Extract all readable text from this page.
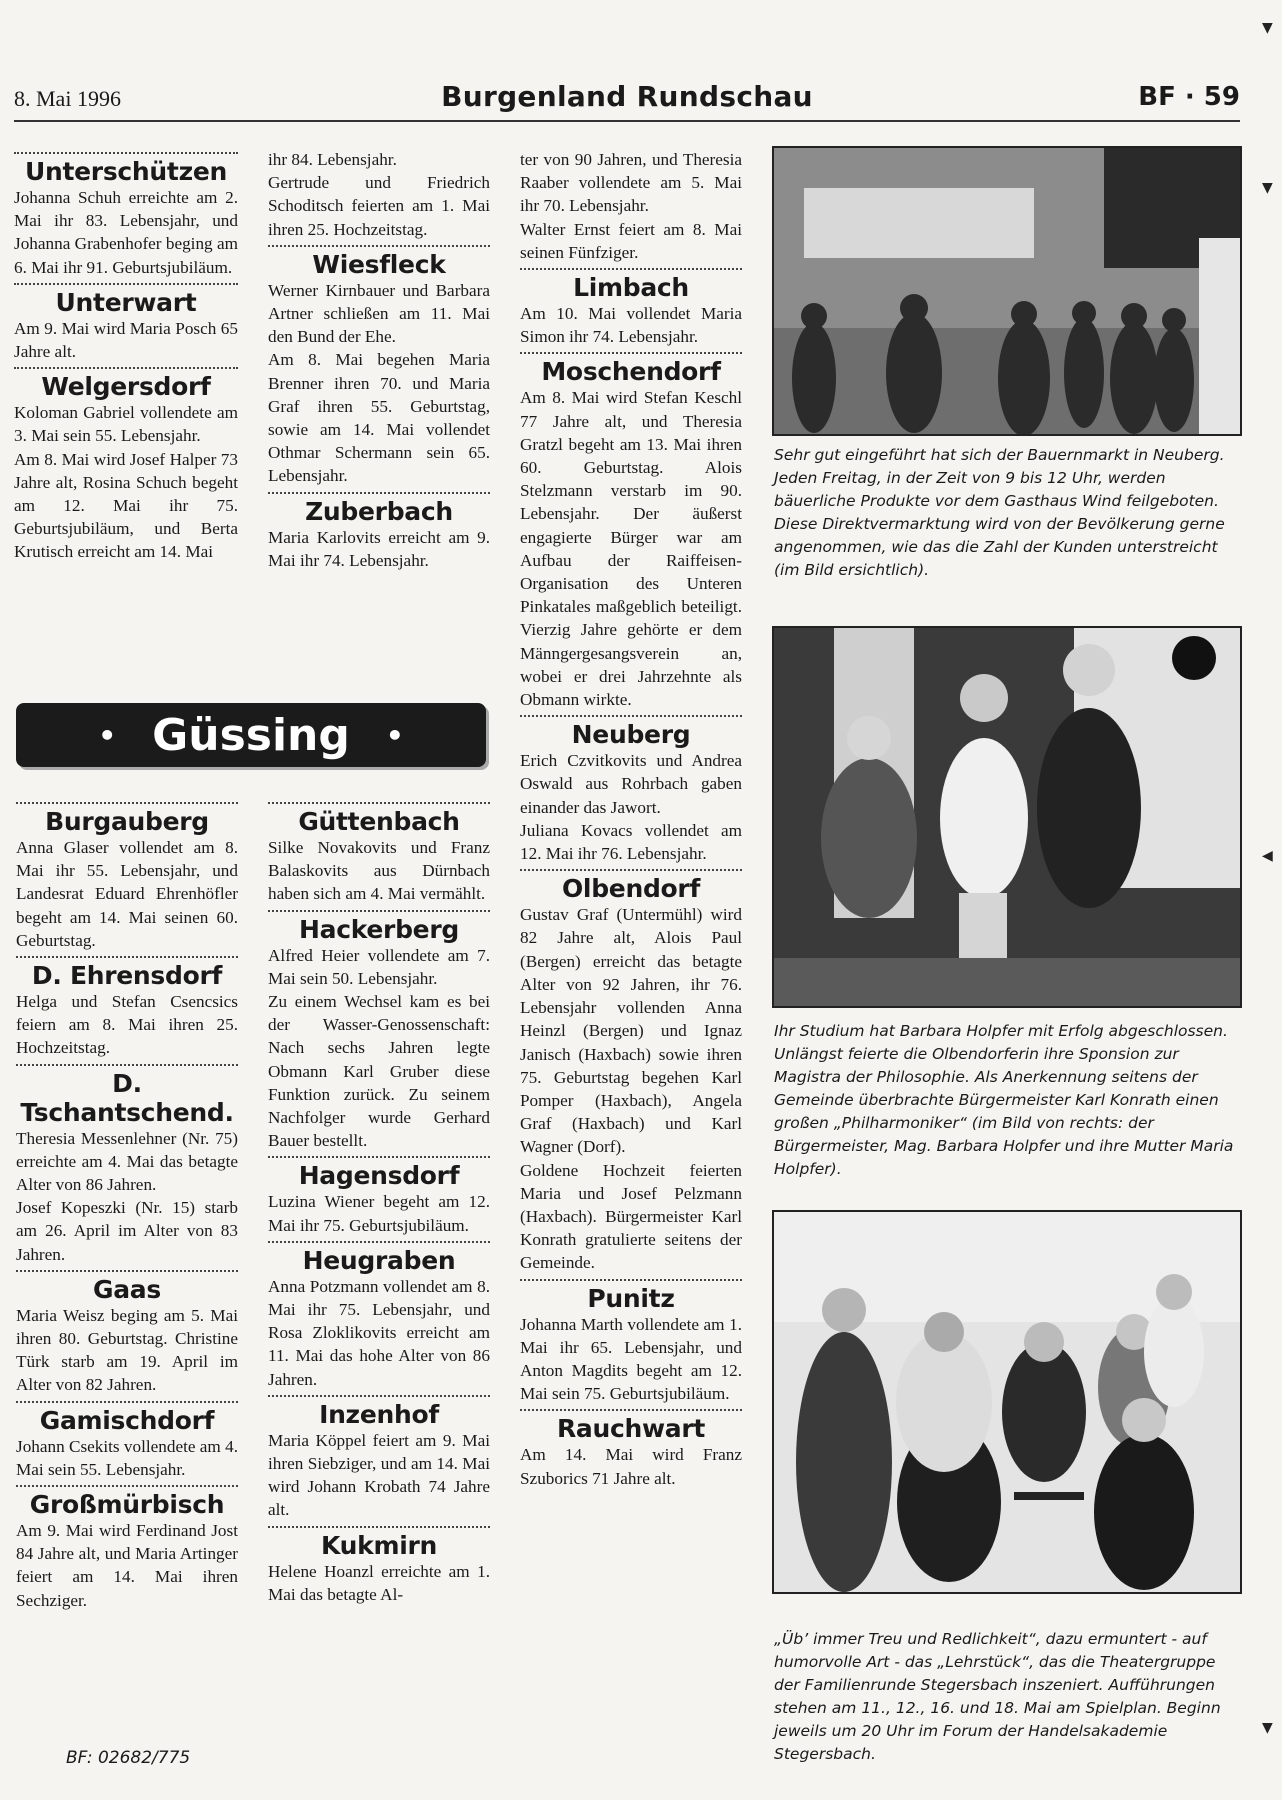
8. Mai 1996	Burgenland Rundschau	BF · 59
Unterschützen

Johanna Schuh erreichte am 2. Mai ihr 83. Lebensjahr, und Johanna Grabenhofer beging am 6. Mai ihr 91. Geburtsjubiläum.

Unterwart

Am 9. Mai wird Maria Posch 65 Jahre alt.

Welgersdorf

Koloman Gabriel vollendete am 3. Mai sein 55. Lebensjahr.

Am 8. Mai wird Josef Halper 73 Jahre alt, Rosina Schuch begeht am 12. Mai ihr 75. Geburtsjubiläum, und Berta Krutisch erreicht am 14. Mai

ihr 84. Lebensjahr.

Gertrude und Friedrich Schoditsch feierten am 1. Mai ihren 25. Hochzeitstag.

Wiesfleck

Werner Kirnbauer und Barbara Artner schließen am 11. Mai den Bund der Ehe.

Am 8. Mai begehen Maria Brenner ihren 70. und Maria Graf ihren 55. Geburtstag, sowie am 14. Mai vollendet Othmar Schermann sein 65. Lebensjahr.

Zuberbach

Maria Karlovits erreicht am 9. Mai ihr 74. Lebensjahr.

• Güssing •
Burgauberg

Anna Glaser vollendet am 8. Mai ihr 55. Lebensjahr, und Landesrat Eduard Ehrenhöfler begeht am 14. Mai seinen 60. Geburtstag.

D. Ehrensdorf

Helga und Stefan Csencsics feiern am 8. Mai ihren 25. Hochzeitstag.

D. Tschantschend.

Theresia Messenlehner (Nr. 75) erreichte am 4. Mai das betagte Alter von 86 Jahren.

Josef Kopeszki (Nr. 15) starb am 26. April im Alter von 83 Jahren.

Gaas

Maria Weisz beging am 5. Mai ihren 80. Geburtstag. Christine Türk starb am 19. April im Alter von 82 Jahren.

Gamischdorf

Johann Csekits vollendete am 4. Mai sein 55. Lebensjahr.

Großmürbisch

Am 9. Mai wird Ferdinand Jost 84 Jahre alt, und Maria Artinger feiert am 14. Mai ihren Sechziger.

Güttenbach

Silke Novakovits und Franz Balaskovits aus Dürnbach haben sich am 4. Mai vermählt.

Hackerberg

Alfred Heier vollendete am 7. Mai sein 50. Lebensjahr.

Zu einem Wechsel kam es bei der Wasser-Genossenschaft: Nach sechs Jahren legte Obmann Karl Gruber diese Funktion zurück. Zu seinem Nachfolger wurde Gerhard Bauer bestellt.

Hagensdorf

Luzina Wiener begeht am 12. Mai ihr 75. Geburtsjubiläum.

Heugraben

Anna Potzmann vollendet am 8. Mai ihr 75. Lebensjahr, und Rosa Zloklikovits erreicht am 11. Mai das hohe Alter von 86 Jahren.

Inzenhof

Maria Köppel feiert am 9. Mai ihren Siebziger, und am 14. Mai wird Johann Krobath 74 Jahre alt.

Kukmirn

Helene Hoanzl erreichte am 1. Mai das betagte Al-

ter von 90 Jahren, und Theresia Raaber vollendete am 5. Mai ihr 70. Lebensjahr.

Walter Ernst feiert am 8. Mai seinen Fünfziger.

Limbach

Am 10. Mai vollendet Maria Simon ihr 74. Lebensjahr.

Moschendorf

Am 8. Mai wird Stefan Keschl 77 Jahre alt, und Theresia Gratzl begeht am 13. Mai ihren 60. Geburtstag. Alois Stelzmann verstarb im 90. Lebensjahr. Der äußerst engagierte Bürger war am Aufbau der Raiffeisen-Organisation des Unteren Pinkatales maßgeblich beteiligt. Vierzig Jahre gehörte er dem Männgergesangsverein an, wobei er drei Jahrzehnte als Obmann wirkte.

Neuberg

Erich Czvitkovits und Andrea Oswald aus Rohrbach gaben einander das Jawort.

Juliana Kovacs vollendet am 12. Mai ihr 76. Lebensjahr.

Olbendorf

Gustav Graf (Untermühl) wird 82 Jahre alt, Alois Paul (Bergen) erreicht das betagte Alter von 92 Jahren, ihr 76. Lebensjahr vollenden Anna Heinzl (Bergen) und Ignaz Janisch (Haxbach) sowie ihren 75. Geburtstag begehen Karl Pomper (Haxbach), Angela Graf (Haxbach) und Karl Wagner (Dorf).

Goldene Hochzeit feierten Maria und Josef Pelzmann (Haxbach). Bürgermeister Karl Konrath gratulierte seitens der Gemeinde.

Punitz

Johanna Marth vollendete am 1. Mai ihr 65. Lebensjahr, und Anton Magdits begeht am 12. Mai sein 75. Geburtsjubiläum.

Rauchwart

Am 14. Mai wird Franz Szuborics 71 Jahre alt.

Sehr gut eingeführt hat sich der Bauernmarkt in Neuberg. Jeden Freitag, in der Zeit von 9 bis 12 Uhr, werden bäuerliche Produkte vor dem Gasthaus Wind feilgeboten. Diese Direktvermarktung wird von der Bevölkerung gerne angenommen, wie das die Zahl der Kunden unterstreicht (im Bild ersichtlich).
Ihr Studium hat Barbara Holpfer mit Erfolg abgeschlossen. Unlängst feierte die Olbendorferin ihre Sponsion zur Magistra der Philosophie. Als Anerkennung seitens der Gemeinde überbrachte Bürgermeister Karl Konrath einen großen „Philharmoniker“ (im Bild von rechts: der Bürgermeister, Mag. Barbara Holpfer und ihre Mutter Maria Holpfer).
„Üb’ immer Treu und Redlichkeit“, dazu ermuntert - auf humorvolle Art - das „Lehrstück“, das die Theatergruppe der Familienrunde Stegersbach inszeniert. Aufführungen stehen am 11., 12., 16. und 18. Mai am Spielplan. Beginn jeweils um 20 Uhr im Forum der Handelsakademie Stegersbach.
BF: 02682/775
▼
▼
◀
▼
